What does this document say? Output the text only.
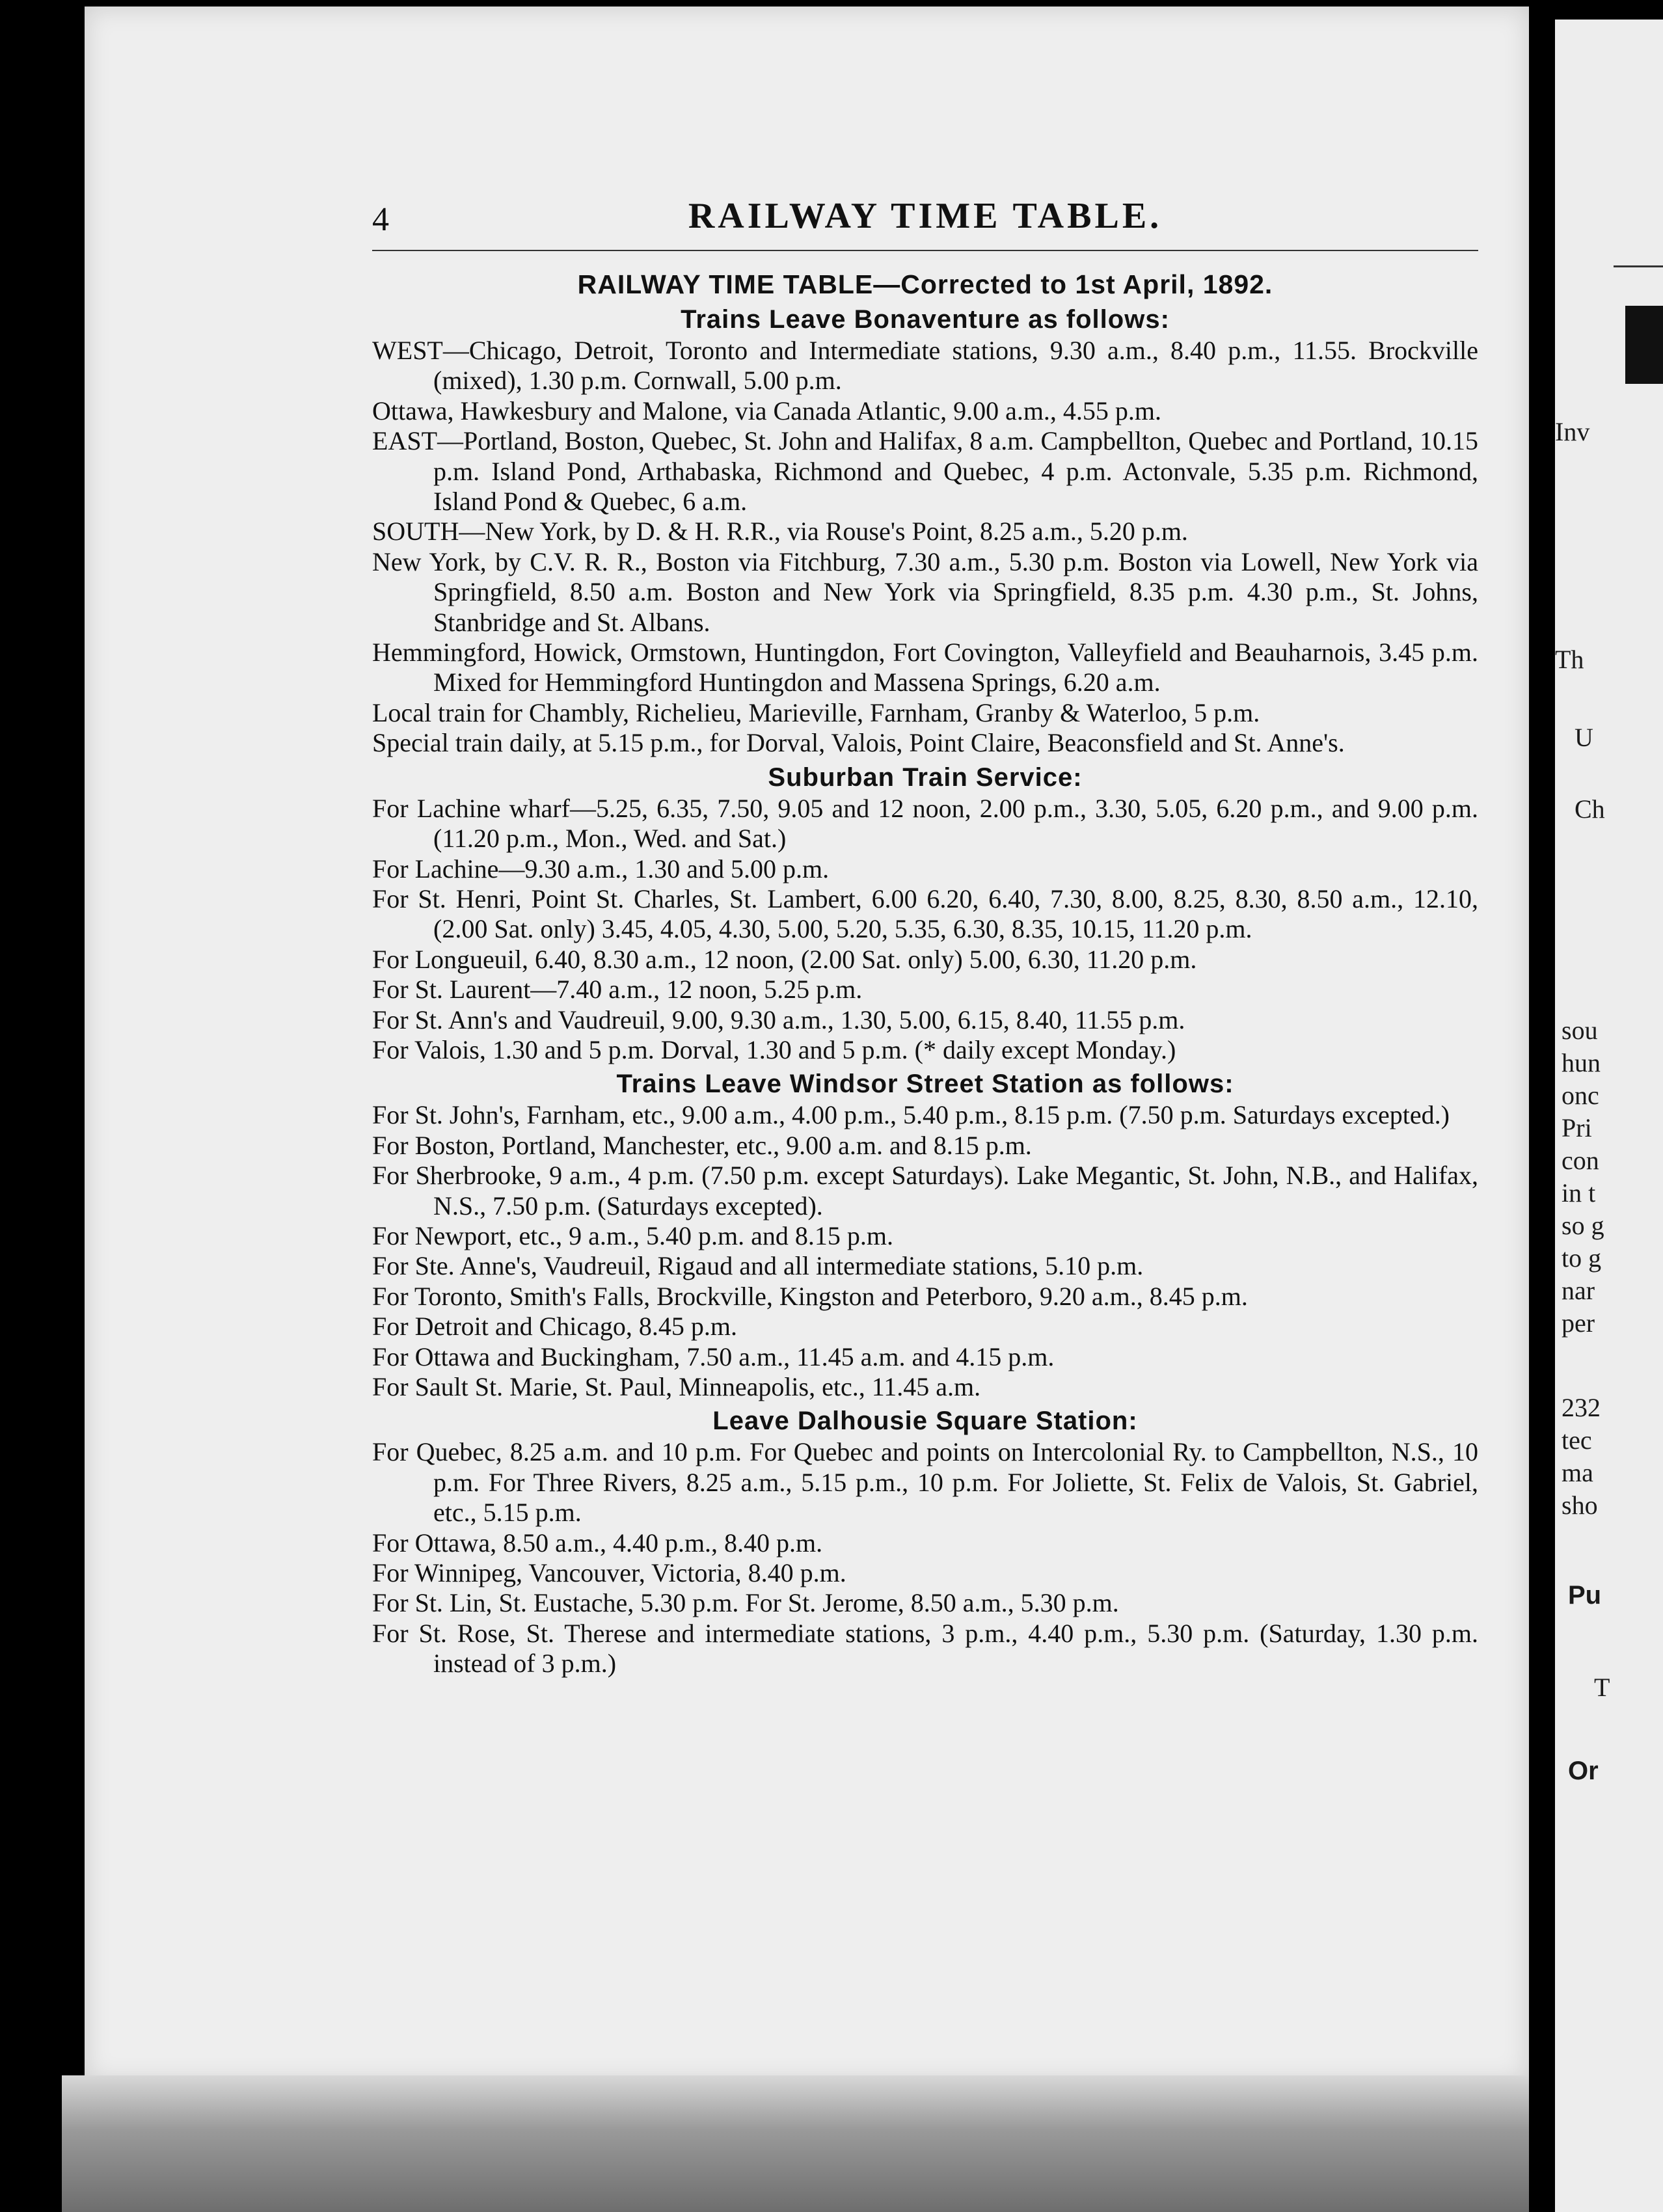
4	RAILWAY TIME TABLE.
RAILWAY TIME TABLE—Corrected to 1st April, 1892.
Trains Leave Bonaventure as follows:

WEST—Chicago, Detroit, Toronto and Intermediate stations, 9.30 a.m., 8.40 p.m., 11.55. Brockville (mixed), 1.30 p.m. Cornwall, 5.00 p.m.

Ottawa, Hawkesbury and Malone, via Canada Atlantic, 9.00 a.m., 4.55 p.m.

EAST—Portland, Boston, Quebec, St. John and Halifax, 8 a.m. Campbellton, Quebec and Portland, 10.15 p.m. Island Pond, Arthabaska, Richmond and Quebec, 4 p.m. Actonvale, 5.35 p.m. Richmond, Island Pond & Quebec, 6 a.m.

SOUTH—New York, by D. & H. R.R., via Rouse's Point, 8.25 a.m., 5.20 p.m.

New York, by C.V. R. R., Boston via Fitchburg, 7.30 a.m., 5.30 p.m. Boston via Lowell, New York via Springfield, 8.50 a.m. Boston and New York via Springfield, 8.35 p.m. 4.30 p.m., St. Johns, Stanbridge and St. Albans.

Hemmingford, Howick, Ormstown, Huntingdon, Fort Covington, Valleyfield and Beauharnois, 3.45 p.m. Mixed for Hemmingford Huntingdon and Massena Springs, 6.20 a.m.

Local train for Chambly, Richelieu, Marieville, Farnham, Granby & Waterloo, 5 p.m.

Special train daily, at 5.15 p.m., for Dorval, Valois, Point Claire, Beaconsfield and St. Anne's.

Suburban Train Service:

For Lachine wharf—5.25, 6.35, 7.50, 9.05 and 12 noon, 2.00 p.m., 3.30, 5.05, 6.20 p.m., and 9.00 p.m. (11.20 p.m., Mon., Wed. and Sat.)

For Lachine—9.30 a.m., 1.30 and 5.00 p.m.

For St. Henri, Point St. Charles, St. Lambert, 6.00 6.20, 6.40, 7.30, 8.00, 8.25, 8.30, 8.50 a.m., 12.10, (2.00 Sat. only) 3.45, 4.05, 4.30, 5.00, 5.20, 5.35, 6.30, 8.35, 10.15, 11.20 p.m.

For Longueuil, 6.40, 8.30 a.m., 12 noon, (2.00 Sat. only) 5.00, 6.30, 11.20 p.m.

For St. Laurent—7.40 a.m., 12 noon, 5.25 p.m.

For St. Ann's and Vaudreuil, 9.00, 9.30 a.m., 1.30, 5.00, 6.15, 8.40, 11.55 p.m.

For Valois, 1.30 and 5 p.m. Dorval, 1.30 and 5 p.m. (* daily except Monday.)

Trains Leave Windsor Street Station as follows:

For St. John's, Farnham, etc., 9.00 a.m., 4.00 p.m., 5.40 p.m., 8.15 p.m. (7.50 p.m. Saturdays excepted.)

For Boston, Portland, Manchester, etc., 9.00 a.m. and 8.15 p.m.

For Sherbrooke, 9 a.m., 4 p.m. (7.50 p.m. except Saturdays). Lake Megantic, St. John, N.B., and Halifax, N.S., 7.50 p.m. (Saturdays excepted).

For Newport, etc., 9 a.m., 5.40 p.m. and 8.15 p.m.

For Ste. Anne's, Vaudreuil, Rigaud and all intermediate stations, 5.10 p.m.

For Toronto, Smith's Falls, Brockville, Kingston and Peterboro, 9.20 a.m., 8.45 p.m.

For Detroit and Chicago, 8.45 p.m.

For Ottawa and Buckingham, 7.50 a.m., 11.45 a.m. and 4.15 p.m.

For Sault St. Marie, St. Paul, Minneapolis, etc., 11.45 a.m.

Leave Dalhousie Square Station:

For Quebec, 8.25 a.m. and 10 p.m. For Quebec and points on Intercolonial Ry. to Campbellton, N.S., 10 p.m. For Three Rivers, 8.25 a.m., 5.15 p.m., 10 p.m. For Joliette, St. Felix de Valois, St. Gabriel, etc., 5.15 p.m.

For Ottawa, 8.50 a.m., 4.40 p.m., 8.40 p.m.

For Winnipeg, Vancouver, Victoria, 8.40 p.m.

For St. Lin, St. Eustache, 5.30 p.m. For St. Jerome, 8.50 a.m., 5.30 p.m.

For St. Rose, St. Therese and intermediate stations, 3 p.m., 4.40 p.m., 5.30 p.m. (Saturday, 1.30 p.m. instead of 3 p.m.)

Inv
Th
U
Ch
sou
hun
onc
Pri
con
in t
so g
to g
nar
per
232
tec
ma
sho
Pu
T
Or
